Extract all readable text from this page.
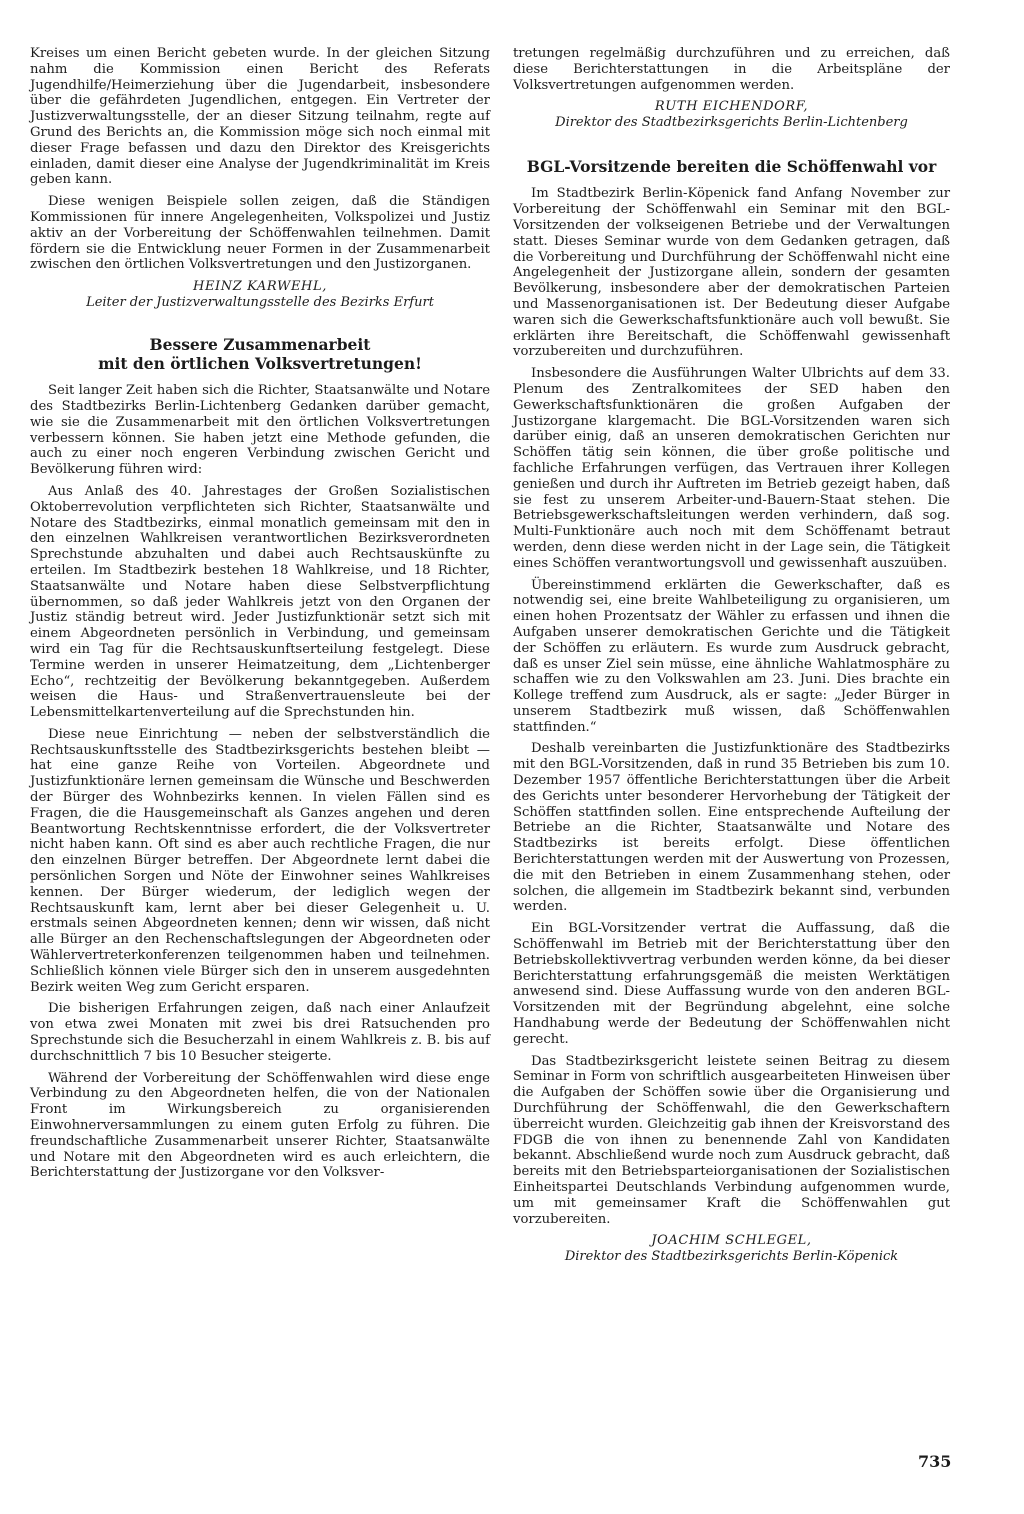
Kreises um einen Bericht gebeten wurde. In der gleichen Sitzung nahm die Kommission einen Bericht des Referats Jugendhilfe/Heimerziehung über die Jugendarbeit, insbesondere über die gefährdeten Jugendlichen, entgegen. Ein Vertreter der Justizverwaltungsstelle, der an dieser Sitzung teilnahm, regte auf Grund des Berichts an, die Kommission möge sich noch einmal mit dieser Frage befassen und dazu den Direktor des Kreisgerichts einladen, damit dieser eine Analyse der Jugendkriminalität im Kreis geben kann.

Diese wenigen Beispiele sollen zeigen, daß die Ständigen Kommissionen für innere Angelegenheiten, Volkspolizei und Justiz aktiv an der Vorbereitung der Schöffenwahlen teilnehmen. Damit fördern sie die Entwicklung neuer Formen in der Zusammenarbeit zwischen den örtlichen Volksvertretungen und den Justizorganen.

HEINZ KARWEHL,
Leiter der Justizverwaltungsstelle des Bezirks Erfurt
Bessere Zusammenarbeit
mit den örtlichen Volksvertretungen!

Seit langer Zeit haben sich die Richter, Staatsanwälte und Notare des Stadtbezirks Berlin-Lichtenberg Gedanken darüber gemacht, wie sie die Zusammenarbeit mit den örtlichen Volksvertretungen verbessern können. Sie haben jetzt eine Methode gefunden, die auch zu einer noch engeren Verbindung zwischen Gericht und Bevölkerung führen wird:

Aus Anlaß des 40. Jahrestages der Großen Sozialistischen Oktoberrevolution verpflichteten sich Richter, Staatsanwälte und Notare des Stadtbezirks, einmal monatlich gemeinsam mit den in den einzelnen Wahlkreisen verantwortlichen Bezirksverordneten Sprechstunde abzuhalten und dabei auch Rechtsauskünfte zu erteilen. Im Stadtbezirk bestehen 18 Wahlkreise, und 18 Richter, Staatsanwälte und Notare haben diese Selbstverpflichtung übernommen, so daß jeder Wahlkreis jetzt von den Organen der Justiz ständig betreut wird. Jeder Justizfunktionär setzt sich mit einem Abgeordneten persönlich in Verbindung, und gemeinsam wird ein Tag für die Rechtsauskunftserteilung festgelegt. Diese Termine werden in unserer Heimatzeitung, dem „Lichtenberger Echo“, rechtzeitig der Bevölkerung bekanntgegeben. Außerdem weisen die Haus- und Straßenvertrauensleute bei der Lebensmittelkartenverteilung auf die Sprechstunden hin.

Diese neue Einrichtung — neben der selbstverständlich die Rechtsauskunftsstelle des Stadtbezirksgerichts bestehen bleibt — hat eine ganze Reihe von Vorteilen. Abgeordnete und Justizfunktionäre lernen gemeinsam die Wünsche und Beschwerden der Bürger des Wohnbezirks kennen. In vielen Fällen sind es Fragen, die die Hausgemeinschaft als Ganzes angehen und deren Beantwortung Rechtskenntnisse erfordert, die der Volksvertreter nicht haben kann. Oft sind es aber auch rechtliche Fragen, die nur den einzelnen Bürger betreffen. Der Abgeordnete lernt dabei die persönlichen Sorgen und Nöte der Einwohner seines Wahlkreises kennen. Der Bürger wiederum, der lediglich wegen der Rechtsauskunft kam, lernt aber bei dieser Gelegenheit u. U. erstmals seinen Abgeordneten kennen; denn wir wissen, daß nicht alle Bürger an den Rechenschaftslegungen der Abgeordneten oder Wählervertreterkonferenzen teilgenommen haben und teilnehmen. Schließlich können viele Bürger sich den in unserem ausgedehnten Bezirk weiten Weg zum Gericht ersparen.

Die bisherigen Erfahrungen zeigen, daß nach einer Anlaufzeit von etwa zwei Monaten mit zwei bis drei Ratsuchenden pro Sprechstunde sich die Besucherzahl in einem Wahlkreis z. B. bis auf durchschnittlich 7 bis 10 Besucher steigerte.

Während der Vorbereitung der Schöffenwahlen wird diese enge Verbindung zu den Abgeordneten helfen, die von der Nationalen Front im Wirkungsbereich zu organisierenden Einwohnerversammlungen zu einem guten Erfolg zu führen. Die freundschaftliche Zusammenarbeit unserer Richter, Staatsanwälte und Notare mit den Abgeordneten wird es auch erleichtern, die Berichterstattung der Justizorgane vor den Volksver-

tretungen regelmäßig durchzuführen und zu erreichen, daß diese Berichterstattungen in die Arbeitspläne der Volksvertretungen aufgenommen werden.

RUTH EICHENDORF,
Direktor des Stadtbezirksgerichts Berlin-Lichtenberg
BGL-Vorsitzende bereiten die Schöffenwahl vor

Im Stadtbezirk Berlin-Köpenick fand Anfang November zur Vorbereitung der Schöffenwahl ein Seminar mit den BGL-Vorsitzenden der volkseigenen Betriebe und der Verwaltungen statt. Dieses Seminar wurde von dem Gedanken getragen, daß die Vorbereitung und Durchführung der Schöffenwahl nicht eine Angelegenheit der Justizorgane allein, sondern der gesamten Bevölkerung, insbesondere aber der demokratischen Parteien und Massenorganisationen ist. Der Bedeutung dieser Aufgabe waren sich die Gewerkschaftsfunktionäre auch voll bewußt. Sie erklärten ihre Bereitschaft, die Schöffenwahl gewissenhaft vorzubereiten und durchzuführen.

Insbesondere die Ausführungen Walter Ulbrichts auf dem 33. Plenum des Zentralkomitees der SED haben den Gewerkschaftsfunktionären die großen Aufgaben der Justizorgane klargemacht. Die BGL-Vorsitzenden waren sich darüber einig, daß an unseren demokratischen Gerichten nur Schöffen tätig sein können, die über große politische und fachliche Erfahrungen verfügen, das Vertrauen ihrer Kollegen genießen und durch ihr Auftreten im Betrieb gezeigt haben, daß sie fest zu unserem Arbeiter-und-Bauern-Staat stehen. Die Betriebsgewerkschaftsleitungen werden verhindern, daß sog. Multi-Funktionäre auch noch mit dem Schöffenamt betraut werden, denn diese werden nicht in der Lage sein, die Tätigkeit eines Schöffen verantwortungsvoll und gewissenhaft auszuüben.

Übereinstimmend erklärten die Gewerkschafter, daß es notwendig sei, eine breite Wahlbeteiligung zu organisieren, um einen hohen Prozentsatz der Wähler zu erfassen und ihnen die Aufgaben unserer demokratischen Gerichte und die Tätigkeit der Schöffen zu erläutern. Es wurde zum Ausdruck gebracht, daß es unser Ziel sein müsse, eine ähnliche Wahlatmosphäre zu schaffen wie zu den Volkswahlen am 23. Juni. Dies brachte ein Kollege treffend zum Ausdruck, als er sagte: „Jeder Bürger in unserem Stadtbezirk muß wissen, daß Schöffenwahlen stattfinden.“

Deshalb vereinbarten die Justizfunktionäre des Stadtbezirks mit den BGL-Vorsitzenden, daß in rund 35 Betrieben bis zum 10. Dezember 1957 öffentliche Berichterstattungen über die Arbeit des Gerichts unter besonderer Hervorhebung der Tätigkeit der Schöffen stattfinden sollen. Eine entsprechende Aufteilung der Betriebe an die Richter, Staatsanwälte und Notare des Stadtbezirks ist bereits erfolgt. Diese öffentlichen Berichterstattungen werden mit der Auswertung von Prozessen, die mit den Betrieben in einem Zusammenhang stehen, oder solchen, die allgemein im Stadtbezirk bekannt sind, verbunden werden.

Ein BGL-Vorsitzender vertrat die Auffassung, daß die Schöffenwahl im Betrieb mit der Berichterstattung über den Betriebskollektivvertrag verbunden werden könne, da bei dieser Berichterstattung erfahrungsgemäß die meisten Werktätigen anwesend sind. Diese Auffassung wurde von den anderen BGL-Vorsitzenden mit der Begründung abgelehnt, eine solche Handhabung werde der Bedeutung der Schöffenwahlen nicht gerecht.

Das Stadtbezirksgericht leistete seinen Beitrag zu diesem Seminar in Form von schriftlich ausgearbeiteten Hinweisen über die Aufgaben der Schöffen sowie über die Organisierung und Durchführung der Schöffenwahl, die den Gewerkschaftern überreicht wurden. Gleichzeitig gab ihnen der Kreisvorstand des FDGB die von ihnen zu benennende Zahl von Kandidaten bekannt. Abschließend wurde noch zum Ausdruck gebracht, daß bereits mit den Betriebsparteiorganisationen der Sozialistischen Einheitspartei Deutschlands Verbindung aufgenommen wurde, um mit gemeinsamer Kraft die Schöffenwahlen gut vorzubereiten.

JOACHIM SCHLEGEL,
Direktor des Stadtbezirksgerichts Berlin-Köpenick
735
